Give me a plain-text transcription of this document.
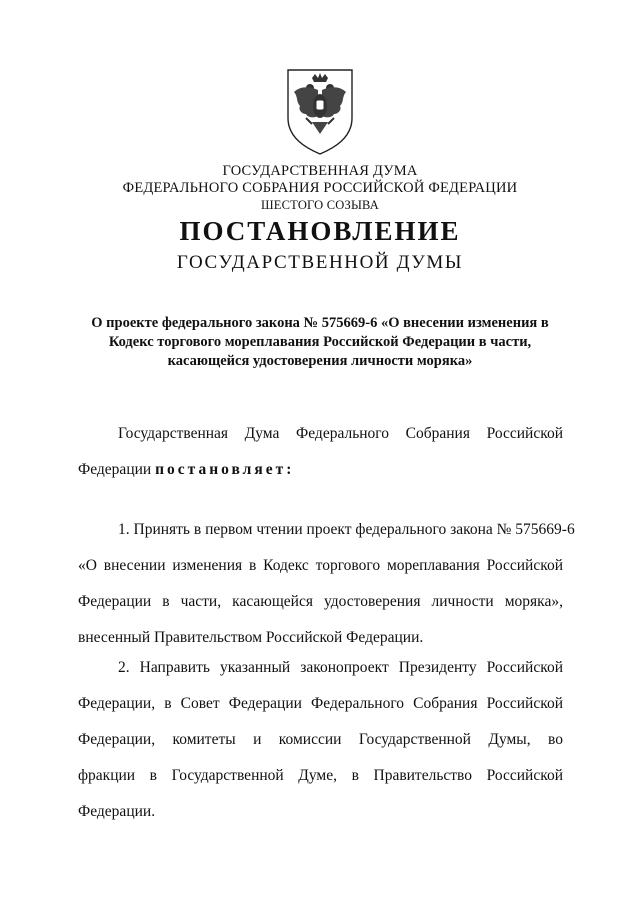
ГОСУДАРСТВЕННАЯ ДУМА
ФЕДЕРАЛЬНОГО СОБРАНИЯ РОССИЙСКОЙ ФЕДЕРАЦИИ
ШЕСТОГО СОЗЫВА
ПОСТАНОВЛЕНИЕ
ГОСУДАРСТВЕННОЙ ДУМЫ
О проекте федерального закона № 575669-6 «О внесении изменения в
Кодекс торгового мореплавания Российской Федерации в части,
касающейся удостоверения личности моряка»
Государственная Дума Федерального Собрания Российской
Федерации постановляет:
1. Принять в первом чтении проект федерального закона № 575669-6
«О внесении изменения в Кодекс торгового мореплавания Российской
Федерации в части, касающейся удостоверения личности моряка»,
внесенный Правительством Российской Федерации.
2. Направить указанный законопроект Президенту Российской
Федерации, в Совет Федерации Федерального Собрания Российской
Федерации, комитеты и комиссии Государственной Думы, во
фракции в Государственной Думе, в Правительство Российской
Федерации.
